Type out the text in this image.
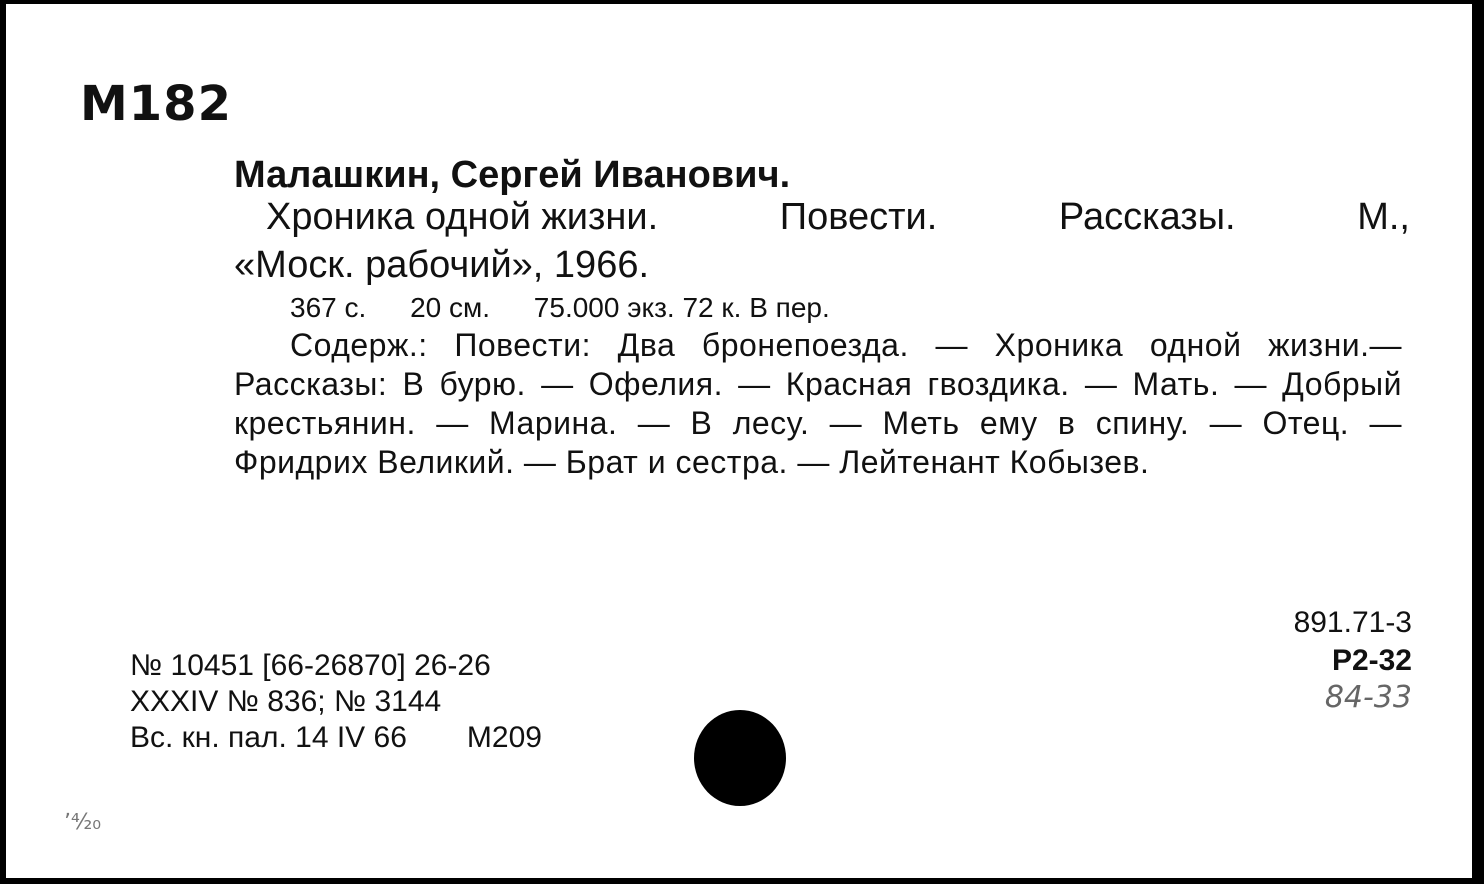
M182
Малашкин, Сергей Иванович.
Хроника одной жизни.	Повести.	Рассказы.	М.,
«Моск. рабочий», 1966.
367 с. 20 см. 75.000 экз. 72 к. В пер.
Содерж.: Повести: Два бронепоезда. — Хроника одной жизни.— Рассказы: В бурю. — Офелия. — Красная гвоздика. — Мать. — Добрый крестьянин. — Марина. — В лесу. — Меть ему в спину. — Отец. — Фридрих Великий. — Брат и сестра. — Лейтенант Кобызев.
891.71-3
Р2-32
84-33
№ 10451 [66-26870] 26-26
XXXIV № 836; № 3144
Вс. кн. пал. 14 IV 66 М209
ʼ⁴⁄₂₀
